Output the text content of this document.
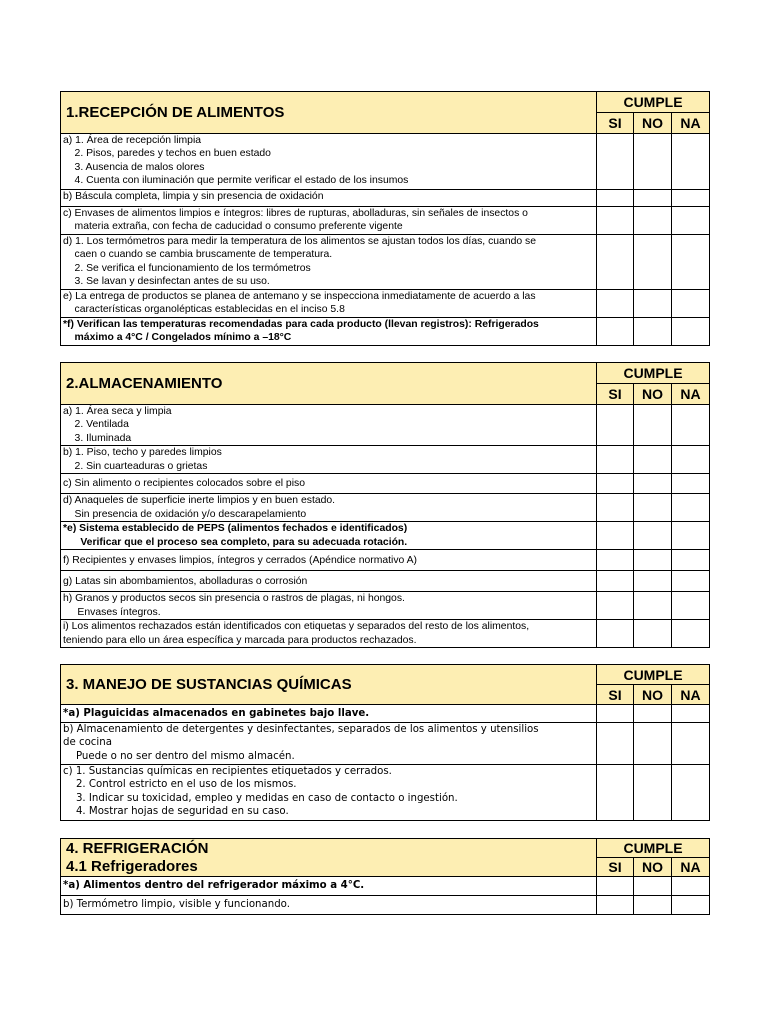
1.RECEPCIÓN DE ALIMENTOS	CUMPLE		
	SI	NO	NA

a) 1. Área de recepción limpia
2. Pisos, paredes y techos en buen estado
3. Ausencia de malos olores
4. Cuenta con iluminación que permite verificar el estado de los insumos			

b) Báscula completa, limpia y sin presencia de oxidación			

c) Envases de alimentos limpios e íntegros: libres de rupturas, abolladuras, sin señales de insectos o
materia extraña, con fecha de caducidad o consumo preferente vigente			

d) 1. Los termómetros para medir la temperatura de los alimentos se ajustan todos los días, cuando se
caen o cuando se cambia bruscamente de temperatura.
2. Se verifica el funcionamiento de los termómetros
3. Se lavan y desinfectan antes de su uso.			

e) La entrega de productos se planea de antemano y se inspecciona inmediatamente de acuerdo a las
características organolépticas establecidas en el inciso 5.8			

*f) Verifican las temperaturas recomendadas para cada producto (llevan registros): Refrigerados
máximo a 4°C / Congelados mínimo a –18°C			

2.ALMACENAMIENTO	CUMPLE		
	SI	NO	NA

a) 1. Área seca y limpia
2. Ventilada
3. Iluminada			

b) 1. Piso, techo y paredes limpios
2. Sin cuarteaduras o grietas			

c) Sin alimento o recipientes colocados sobre el piso			

d) Anaqueles de superficie inerte limpios y en buen estado.
Sin presencia de oxidación y/o descarapelamiento			

*e) Sistema establecido de PEPS (alimentos fechados e identificados)
Verificar que el proceso sea completo, para su adecuada rotación.			

f) Recipientes y envases limpios, íntegros y cerrados (Apéndice normativo A)			

g) Latas sin abombamientos, abolladuras o corrosión			

h) Granos y productos secos sin presencia o rastros de plagas, ni hongos.
Envases íntegros.			

i) Los alimentos rechazados están identificados con etiquetas y separados del resto de los alimentos,
teniendo para ello un área específica y marcada para productos rechazados.			

3. MANEJO DE SUSTANCIAS QUÍMICAS	CUMPLE		
	SI	NO	NA

*a) Plaguicidas almacenados en gabinetes bajo llave.			

b) Almacenamiento de detergentes y desinfectantes, separados de los alimentos y utensilios
de cocina
Puede o no ser dentro del mismo almacén.			

c) 1. Sustancias químicas en recipientes etiquetados y cerrados.
2. Control estricto en el uso de los mismos.
3. Indicar su toxicidad, empleo y medidas en caso de contacto o ingestión.
4. Mostrar hojas de seguridad en su caso.			

4. REFRIGERACIÓN	CUMPLE		
4.1 Refrigeradores	SI	NO	NA

*a) Alimentos dentro del refrigerador máximo a 4°C.			

b) Termómetro limpio, visible y funcionando.			
